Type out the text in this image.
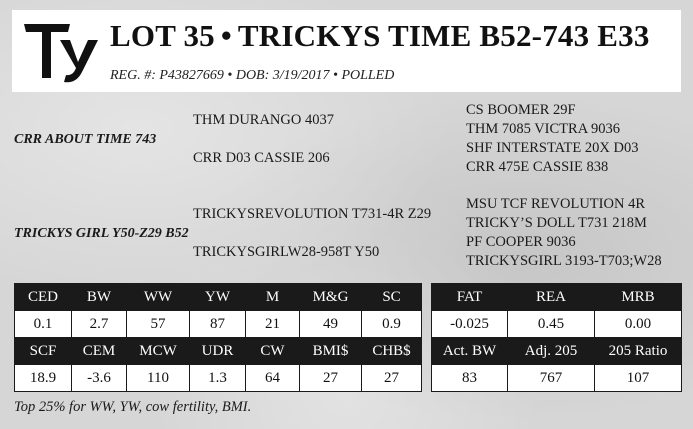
LOT 35 • TRICKYS TIME B52-743 E33
REG. #: P43827669 • DOB: 3/19/2017 • POLLED
CRR ABOUT TIME 743
THM DURANGO 4037
CRR D03 CASSIE 206
CS BOOMER 29F
THM 7085 VICTRA 9036
SHF INTERSTATE 20X D03
CRR 475E CASSIE 838
TRICKYS GIRL Y50-Z29 B52
TRICKYSREVOLUTION T731-4R Z29
TRICKYSGIRLW28-958T Y50
MSU TCF REVOLUTION 4R
TRICKY’S DOLL T731 218M
PF COOPER 9036
TRICKYSGIRL 3193-T703;W28
CED	BW	WW	YW	M	M&G	SC
0.1	2.7	57	87	21	49	0.9
SCF	CEM	MCW	UDR	CW	BMI$	CHB$
18.9	-3.6	110	1.3	64	27	27
FAT	REA	MRB
-0.025	0.45	0.00
Act. BW	Adj. 205	205 Ratio
83	767	107
Top 25% for WW, YW, cow fertility, BMI.
